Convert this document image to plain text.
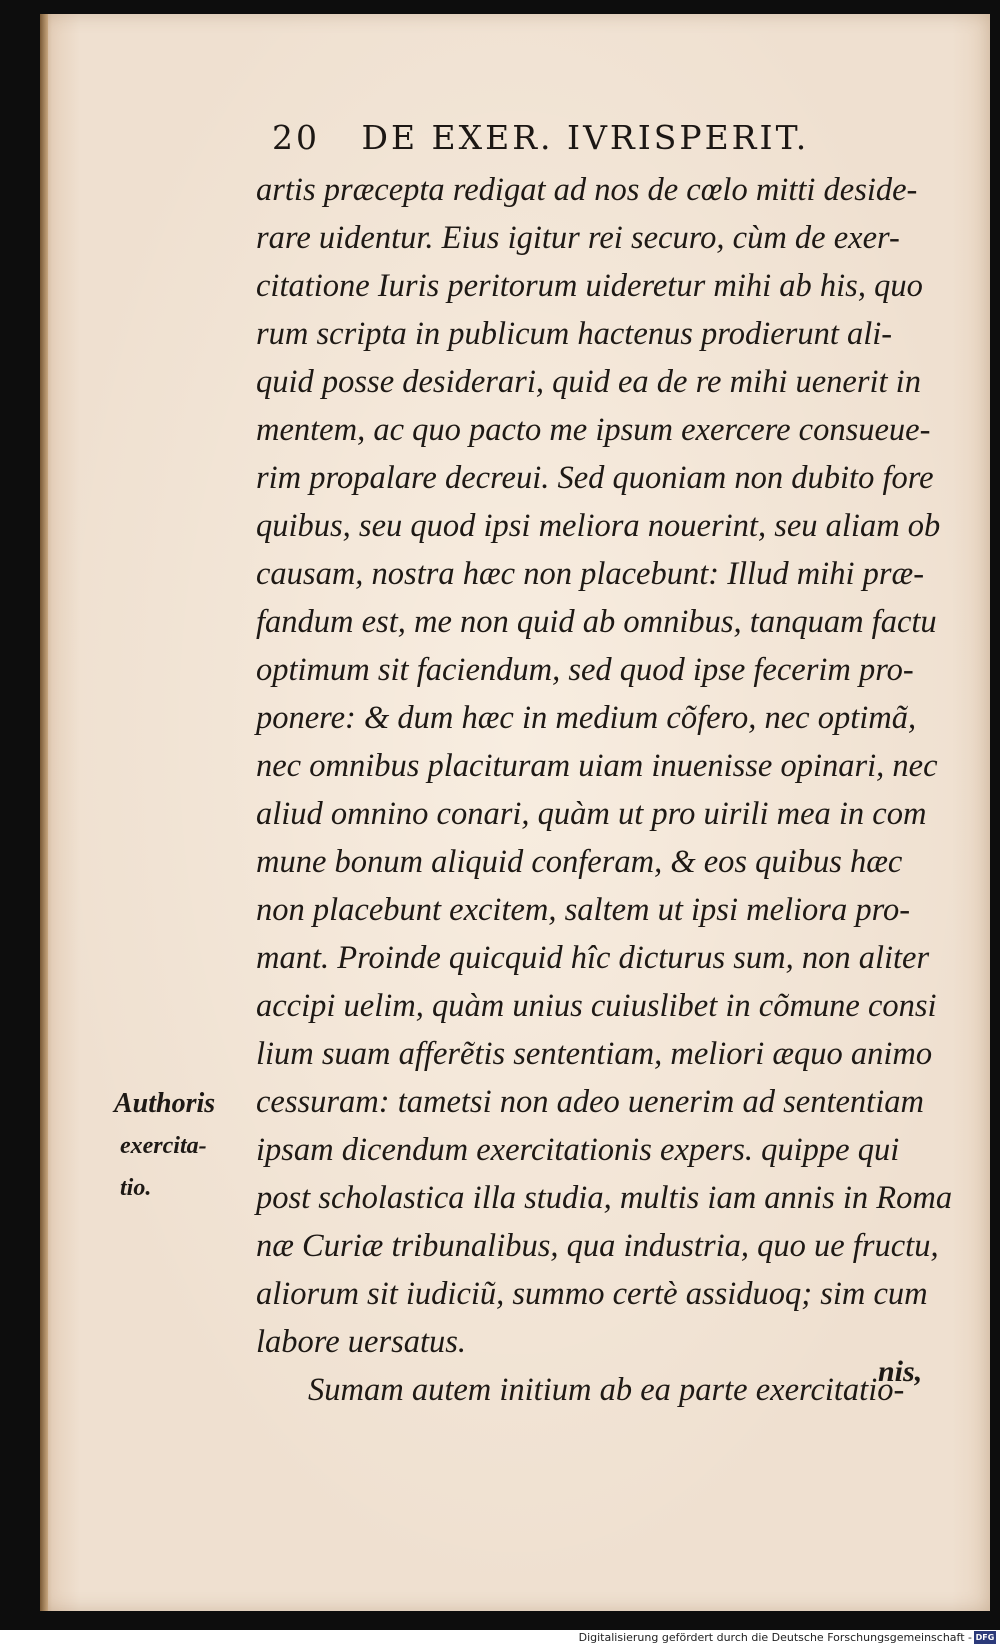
20 DE EXER. IVRISPERIT.
artis præcepta redigat ad nos de cœlo mitti deside-
rare uidentur. Eius igitur rei securo, cùm de exer-
citatione Iuris peritorum uideretur mihi ab his, quo
rum scripta in publicum hactenus prodierunt ali-
quid posse desiderari, quid ea de re mihi uenerit in
mentem, ac quo pacto me ipsum exercere consueue-
rim propalare decreui. Sed quoniam non dubito fore
quibus, seu quod ipsi meliora nouerint, seu aliam ob
causam, nostra hæc non placebunt: Illud mihi præ-
fandum est, me non quid ab omnibus, tanquam factu
optimum sit faciendum, sed quod ipse fecerim pro-
ponere: & dum hæc in medium cõfero, nec optimã,
nec omnibus placituram uiam inuenisse opinari, nec
aliud omnino conari, quàm ut pro uirili mea in com
mune bonum aliquid conferam, & eos quibus hæc
non placebunt excitem, saltem ut ipsi meliora pro-
mant. Proinde quicquid hîc dicturus sum, non aliter
accipi uelim, quàm unius cuiuslibet in cõmune consi
lium suam afferẽtis sententiam, meliori æquo animo
cessuram: tametsi non adeo uenerim ad sententiam
ipsam dicendum exercitationis expers. quippe qui
post scholastica illa studia, multis iam annis in Roma
næ Curiæ tribunalibus, qua industria, quo ue fructu,
aliorum sit iudiciũ, summo certè assiduoq; sim cum
labore uersatus.
Sumam autem initium ab ea parte exercitatio-
nis,
Authoris
exercita-
tio.
Digitalisierung gefördert durch die Deutsche Forschungsgemeinschaft - DFG
